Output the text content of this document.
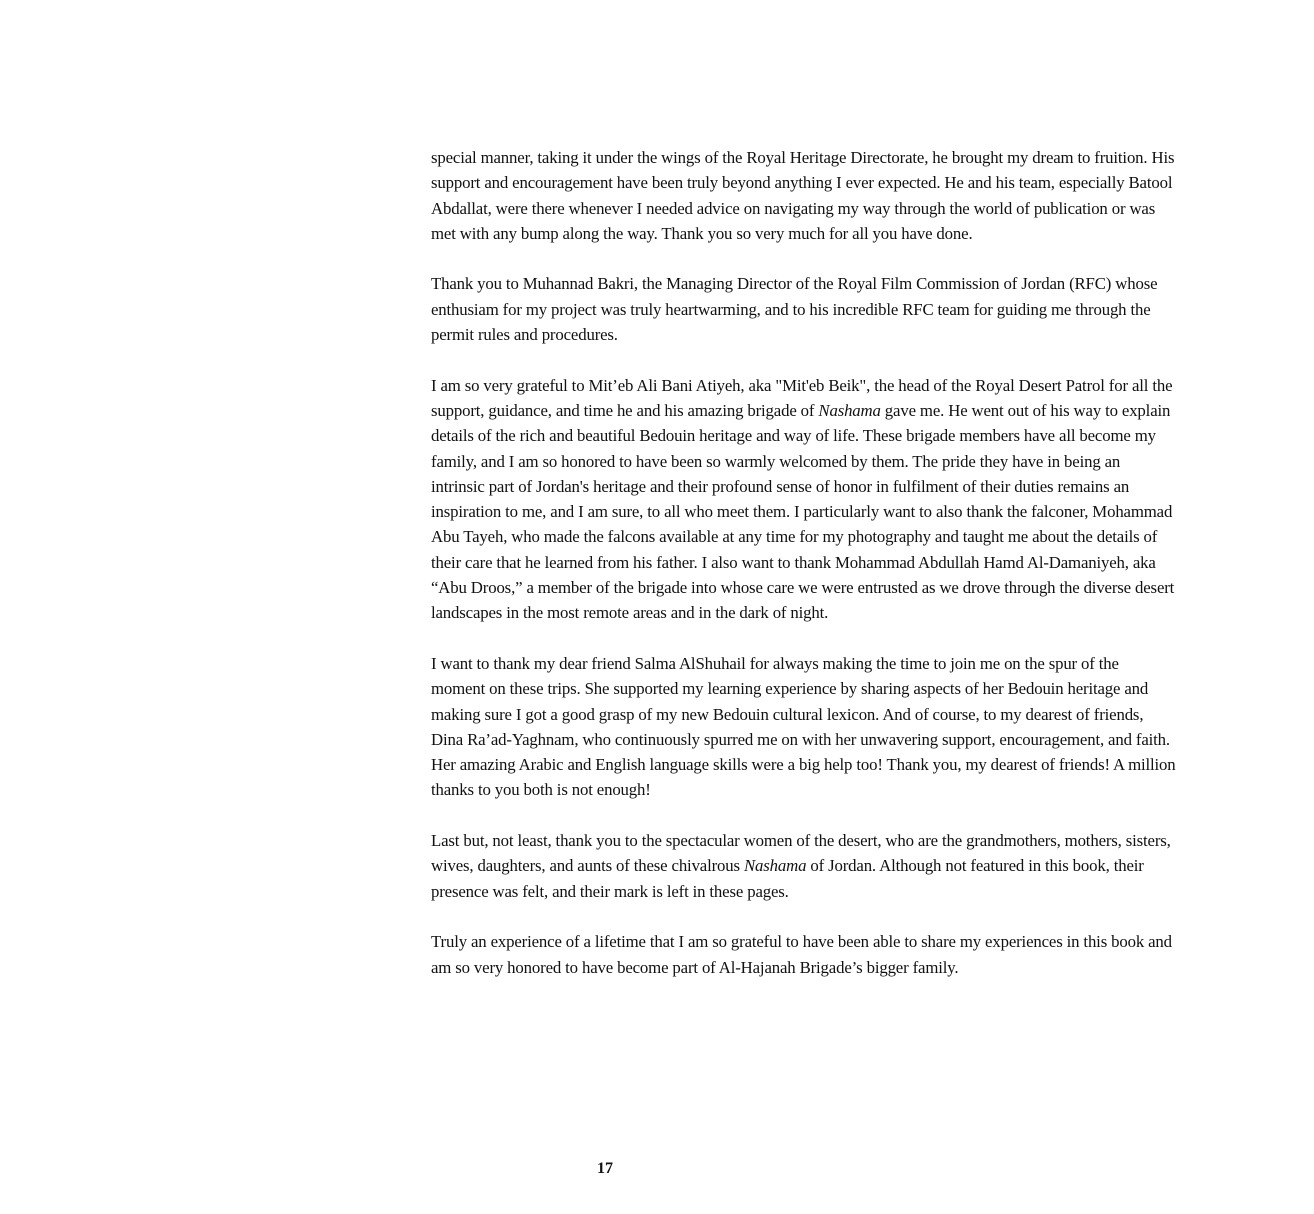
special manner, taking it under the wings of the Royal Heritage Directorate, he brought my dream to fruition. His support and encouragement have been truly beyond anything I ever expected. He and his team, especially Batool Abdallat, were there whenever I needed advice on navigating my way through the world of publication or was met with any bump along the way. Thank you so very much for all you have done.

Thank you to Muhannad Bakri, the Managing Director of the Royal Film Commission of Jordan (RFC) whose enthusiam for my project was truly heartwarming, and to his incredible RFC team for guiding me through the permit rules and procedures.

I am so very grateful to Mit’eb Ali Bani Atiyeh, aka "Mit'eb Beik", the head of the Royal Desert Patrol for all the support, guidance, and time he and his amazing brigade of Nashama gave me. He went out of his way to explain details of the rich and beautiful Bedouin heritage and way of life. These brigade members have all become my family, and I am so honored to have been so warmly welcomed by them. The pride they have in being an intrinsic part of Jordan's heritage and their profound sense of honor in fulfilment of their duties remains an inspiration to me, and I am sure, to all who meet them. I particularly want to also thank the falconer, Mohammad Abu Tayeh, who made the falcons available at any time for my photography and taught me about the details of their care that he learned from his father. I also want to thank Mohammad Abdullah Hamd Al-Damaniyeh, aka “Abu Droos,” a member of the brigade into whose care we were entrusted as we drove through the diverse desert landscapes in the most remote areas and in the dark of night.

I want to thank my dear friend Salma AlShuhail for always making the time to join me on the spur of the moment on these trips. She supported my learning experience by sharing aspects of her Bedouin heritage and making sure I got a good grasp of my new Bedouin cultural lexicon. And of course, to my dearest of friends, Dina Ra’ad-Yaghnam, who continuously spurred me on with her unwavering support, encouragement, and faith. Her amazing Arabic and English language skills were a big help too! Thank you, my dearest of friends! A million thanks to you both is not enough!

Last but, not least, thank you to the spectacular women of the desert, who are the grandmothers, mothers, sisters, wives, daughters, and aunts of these chivalrous Nashama of Jordan. Although not featured in this book, their presence was felt, and their mark is left in these pages.

Truly an experience of a lifetime that I am so grateful to have been able to share my experiences in this book and am so very honored to have become part of Al-Hajanah Brigade’s bigger family.

17
